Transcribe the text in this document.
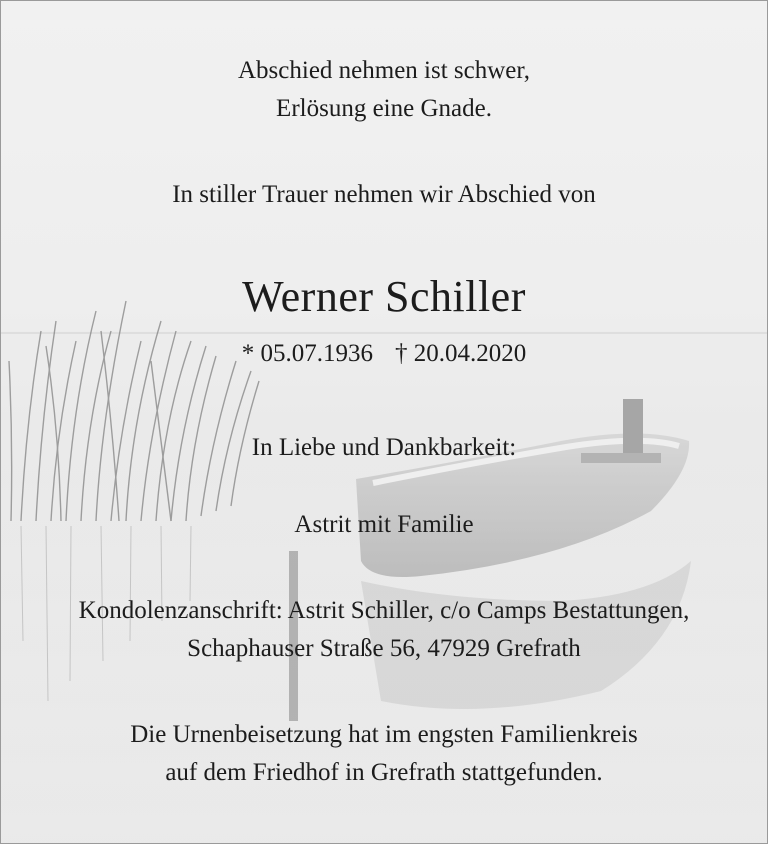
Abschied nehmen ist schwer,
Erlösung eine Gnade.
In stiller Trauer nehmen wir Abschied von
Werner Schiller
* 05.07.1936 † 20.04.2020
In Liebe und Dankbarkeit:
Astrit mit Familie
Kondolenzanschrift: Astrit Schiller, c/o Camps Bestattungen,
Schaphauser Straße 56, 47929 Grefrath
Die Urnenbeisetzung hat im engsten Familienkreis
auf dem Friedhof in Grefrath stattgefunden.
